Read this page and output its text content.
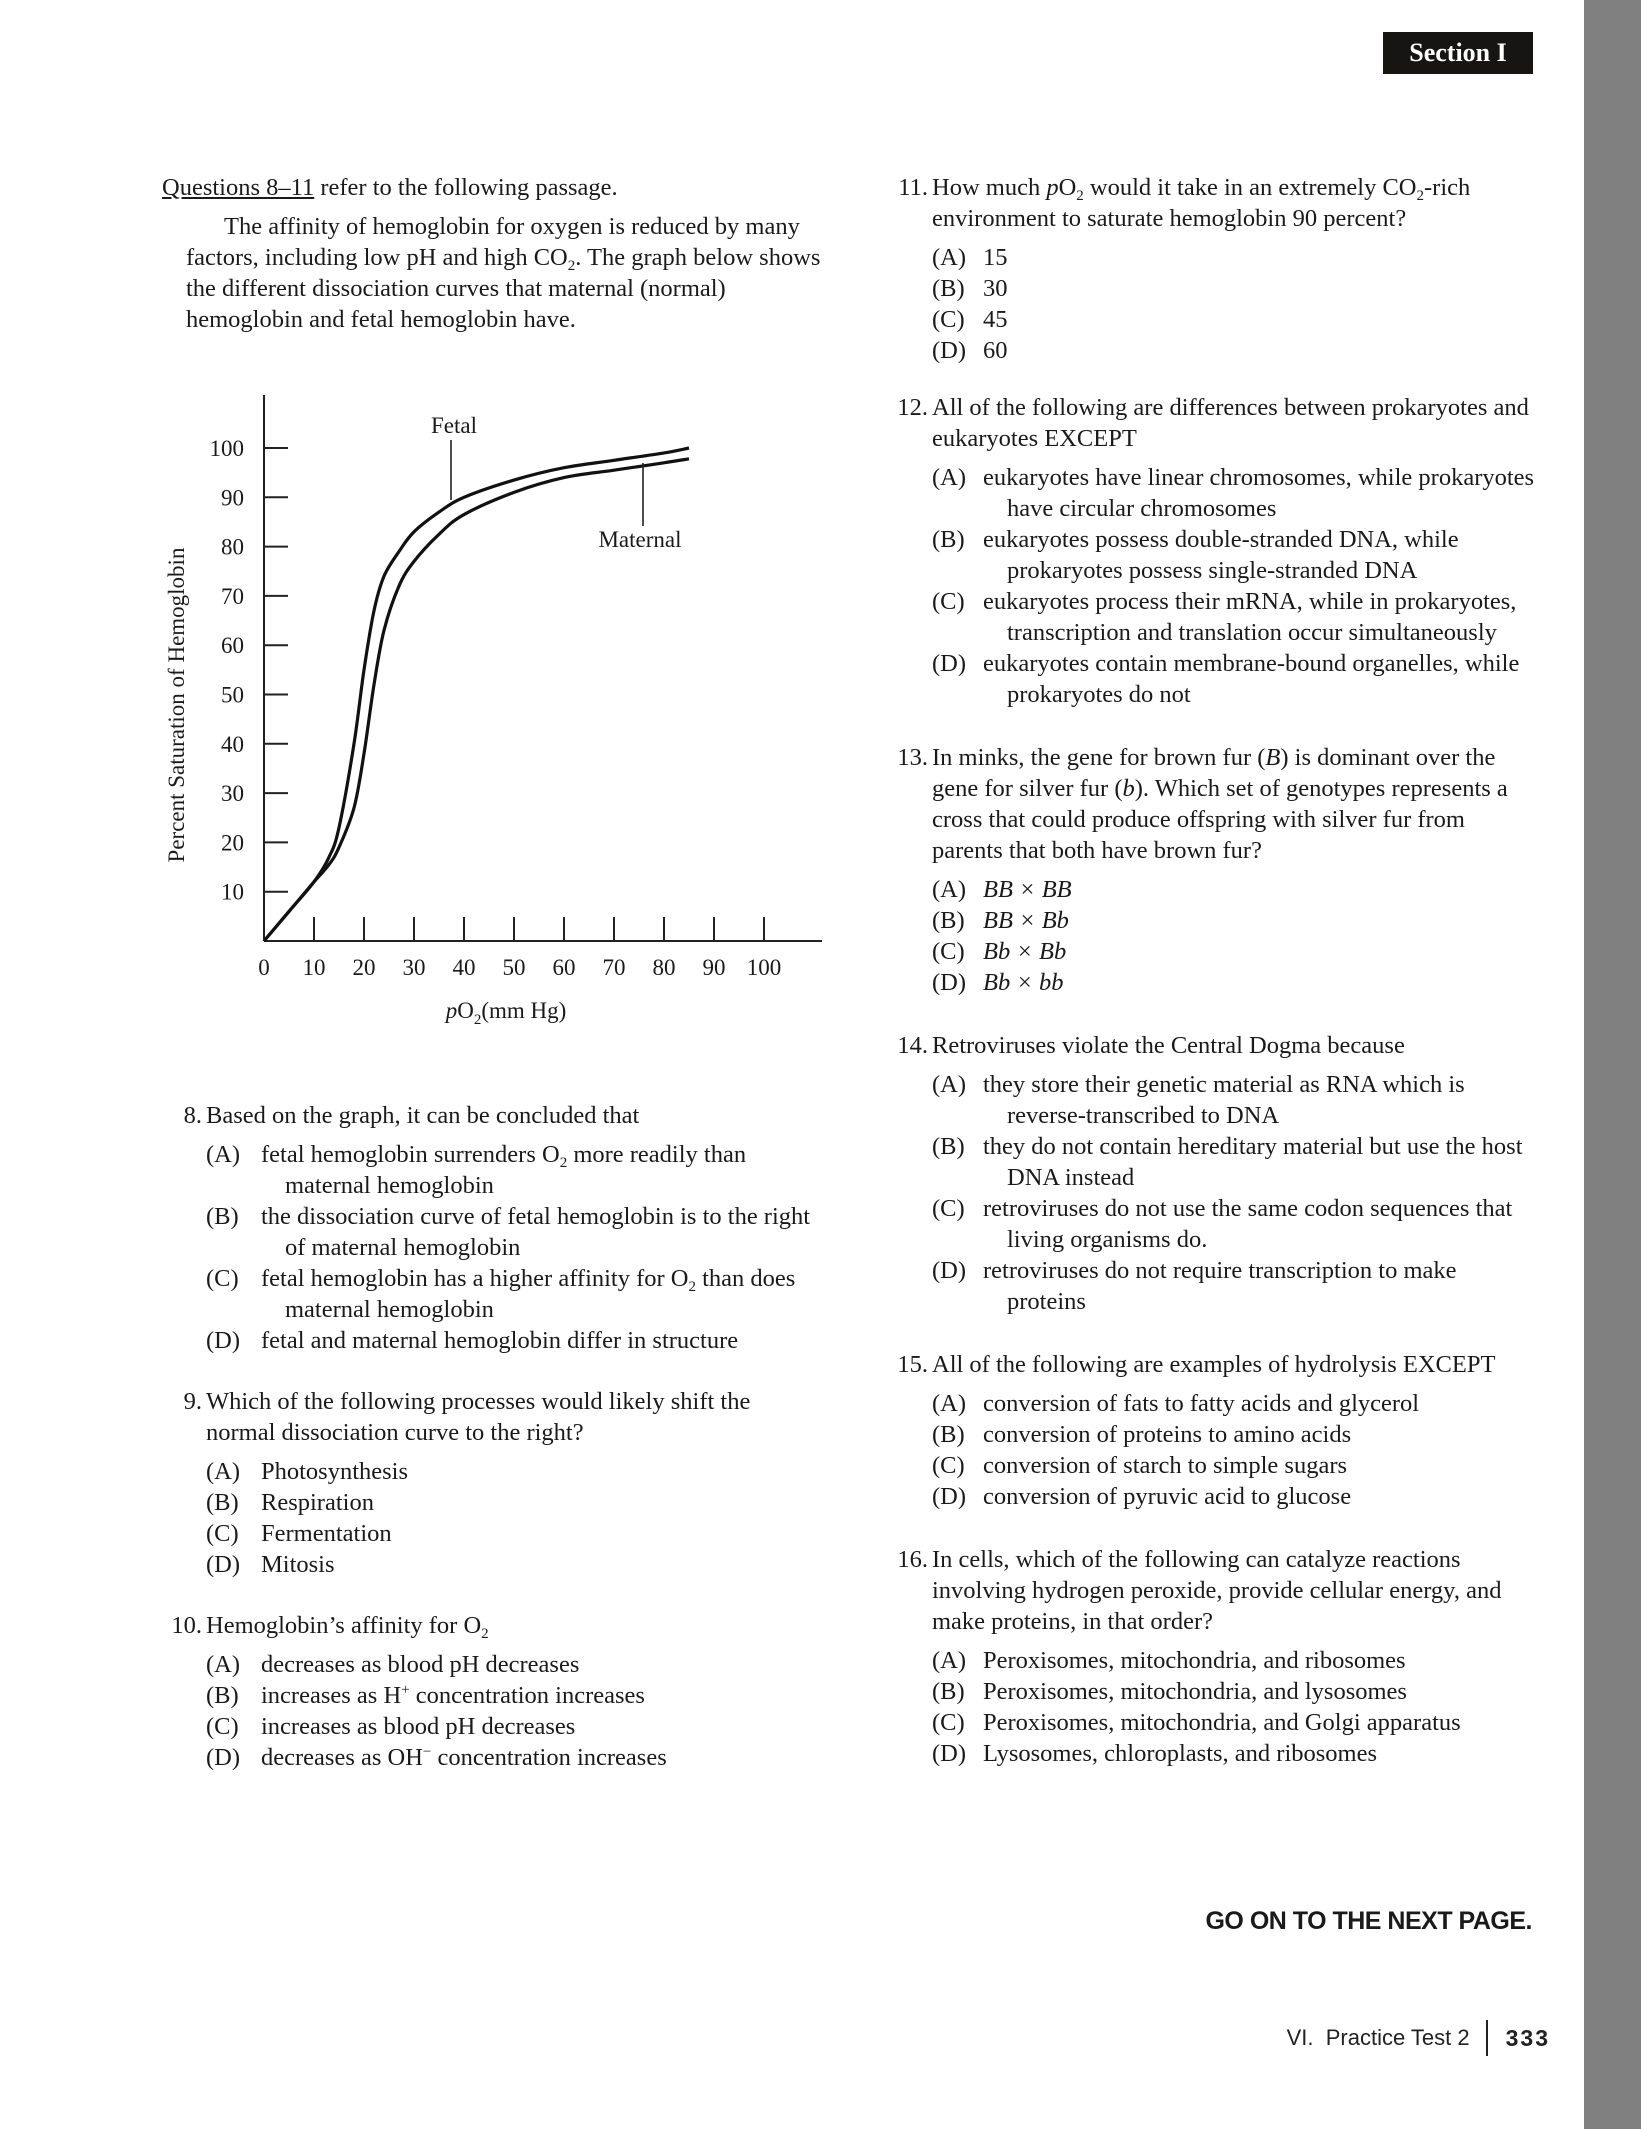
Section I
Questions 8–11 refer to the following passage.
The affinity of hemoglobin for oxygen is reduced by many factors, including low pH and high $CO_2$. The graph below shows the different dissociation curves that maternal (normal) hemoglobin and fetal hemoglobin have.
8. Based on the graph, it can be concluded that
(A) fetal hemoglobin surrenders $O_2$ more readily than maternal hemoglobin
(B) the dissociation curve of fetal hemoglobin is to the right of maternal hemoglobin
(C) fetal hemoglobin has a higher affinity for $O_2$ than does maternal hemoglobin
(D) fetal and maternal hemoglobin differ in structure
9. Which of the following processes would likely shift the normal dissociation curve to the right?
(A) Photosynthesis
(B) Respiration
(C) Fermentation
(D) Mitosis
10. Hemoglobin’s affinity for $O_2$
(A) decreases as blood pH decreases
(B) increases as H+ concentration increases
(C) increases as blood pH decreases
(D) decreases as OH− concentration increases
10
20
30
40
50
60
70
80
90
100
0 10 20 30 40 50 60 70 80 90 100
$pO_2(mm$ Hg)
Percent Saturation of Hemoglobin
Fetal
Maternal
11. How much $pO_2$ would it take in an extremely $CO_2$-rich environment to saturate hemoglobin 90 percent?
(A) 15
(B) 30
(C) 45
(D) 60
12. All of the following are differences between prokaryotes and eukaryotes EXCEPT
(A) eukaryotes have linear chromosomes, while prokaryotes have circular chromosomes
(B) eukaryotes possess double-stranded DNA, while prokaryotes possess single-stranded DNA
(C) eukaryotes process their mRNA, while in prokaryotes, transcription and translation occur simultaneously
(D) eukaryotes contain membrane-bound organelles, while prokaryotes do not
13. In minks, the gene for brown fur (B) is dominant over the gene for silver fur (b). Which set of genotypes represents a cross that could produce offspring with silver fur from parents that both have brown fur?
(A) BB × BB
(B) BB × Bb
(C) Bb × Bb
(D) Bb × bb
14. Retroviruses violate the Central Dogma because
(A) they store their genetic material as RNA which is reverse-transcribed to DNA
(B) they do not contain hereditary material but use the host DNA instead
(C) retroviruses do not use the same codon sequences that living organisms do.
(D) retroviruses do not require transcription to make proteins
15. All of the following are examples of hydrolysis EXCEPT
(A) conversion of fats to fatty acids and glycerol
(B) conversion of proteins to amino acids
(C) conversion of starch to simple sugars
(D) conversion of pyruvic acid to glucose
16. In cells, which of the following can catalyze reactions involving hydrogen peroxide, provide cellular energy, and make proteins, in that order?
(A) Peroxisomes, mitochondria, and ribosomes
(B) Peroxisomes, mitochondria, and lysosomes
(C) Peroxisomes, mitochondria, and Golgi apparatus
(D) Lysosomes, chloroplasts, and ribosomes
GO ON TO THE NEXT PAGE.
VI.  Practice Test 2 333
